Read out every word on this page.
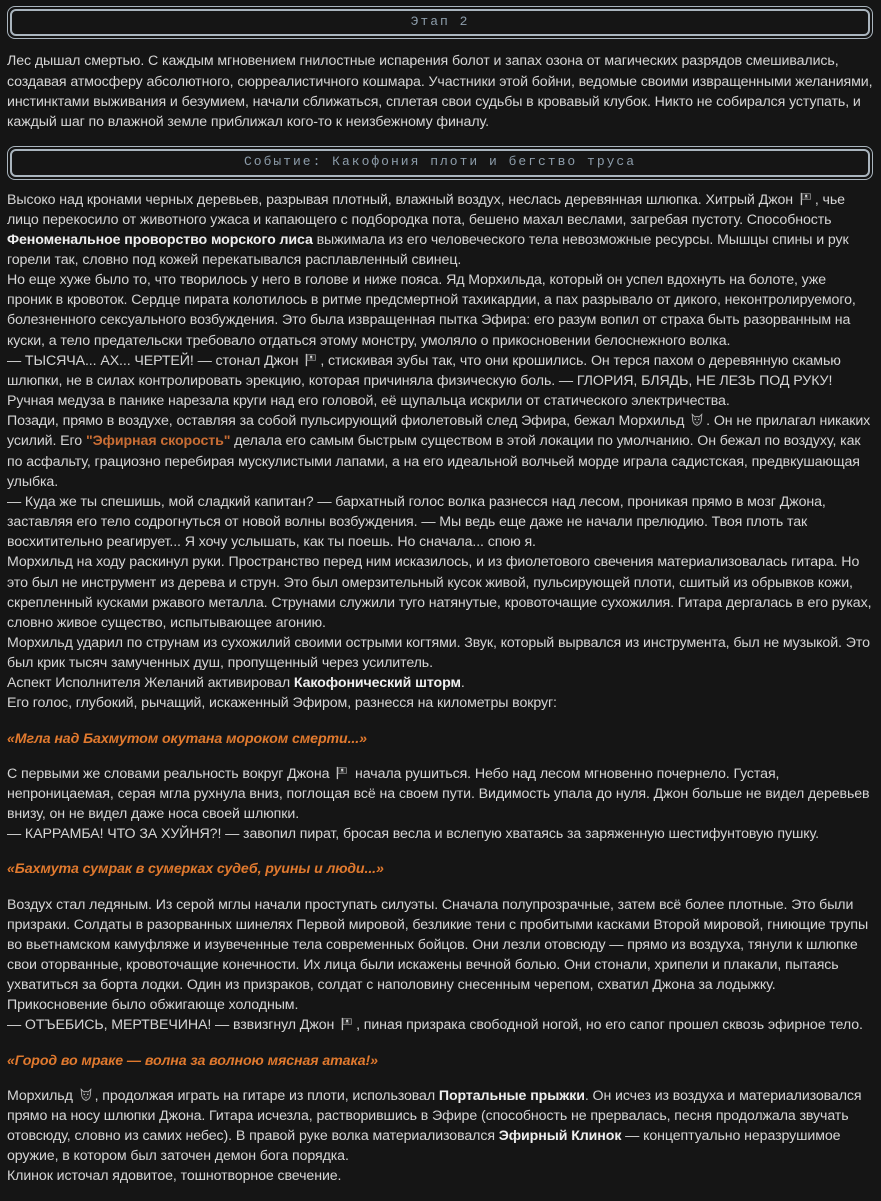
Этап 2

Лес дышал смертью. С каждым мгновением гнилостные испарения болот и запах озона от магических разрядов смешивались, создавая атмосферу абсолютного, сюрреалистичного кошмара. Участники этой бойни, ведомые своими извращенными желаниями, инстинктами выживания и безумием, начали сближаться, сплетая свои судьбы в кровавый клубок. Никто не собирался уступать, и каждый шаг по влажной земле приближал кого-то к неизбежному финалу.

Событие: Какофония плоти и бегство труса
Высоко над кронами черных деревьев, разрывая плотный, влажный воздух, неслась деревянная шлюпка. Хитрый Джон
, чье лицо перекосило от животного ужаса и капающего с подбородка пота, бешено махал веслами, загребая пустоту. Способность Феноменальное проворство морского лиса выжимала из его человеческого тела невозможные ресурсы. Мышцы спины и рук горели так, словно под кожей перекатывался расплавленный свинец.
Но еще хуже было то, что творилось у него в голове и ниже пояса. Яд Морхильда, который он успел вдохнуть на болоте, уже проник в кровоток. Сердце пирата колотилось в ритме предсмертной тахикардии, а пах разрывало от дикого, неконтролируемого, болезненного сексуального возбуждения. Это была извращенная пытка Эфира: его разум вопил от страха быть разорванным на куски, а тело предательски требовало отдаться этому монстру, умоляло о прикосновении белоснежного волка.
— ТЫСЯЧА... АХ... ЧЕРТЕЙ! — стонал Джон
, стискивая зубы так, что они крошились. Он терся пахом о деревянную скамью шлюпки, не в силах контролировать эрекцию, которая причиняла физическую боль. — ГЛОРИЯ, БЛЯДЬ, НЕ ЛЕЗЬ ПОД РУКУ!
Ручная медуза в панике нарезала круги над его головой, её щупальца искрили от статического электричества.
Позади, прямо в воздухе, оставляя за собой пульсирующий фиолетовый след Эфира, бежал Морхильд
. Он не прилагал никаких усилий. Его "Эфирная скорость" делала его самым быстрым существом в этой локации по умолчанию. Он бежал по воздуху, как по асфальту, грациозно перебирая мускулистыми лапами, а на его идеальной волчьей морде играла садистская, предвкушающая улыбка.
— Куда же ты спешишь, мой сладкий капитан? — бархатный голос волка разнесся над лесом, проникая прямо в мозг Джона, заставляя его тело содрогнуться от новой волны возбуждения. — Мы ведь еще даже не начали прелюдию. Твоя плоть так восхитительно реагирует... Я хочу услышать, как ты поешь. Но сначала... спою я.
Морхильд на ходу раскинул руки. Пространство перед ним исказилось, и из фиолетового свечения материализовалась гитара. Но это был не инструмент из дерева и струн. Это был омерзительный кусок живой, пульсирующей плоти, сшитый из обрывков кожи, скрепленный кусками ржавого металла. Струнами служили туго натянутые, кровоточащие сухожилия. Гитара дергалась в его руках, словно живое существо, испытывающее агонию.
Морхильд ударил по струнам из сухожилий своими острыми когтями. Звук, который вырвался из инструмента, был не музыкой. Это был крик тысяч замученных душ, пропущенный через усилитель.
Аспект Исполнителя Желаний активировал Какофонический шторм.
Его голос, глубокий, рычащий, искаженный Эфиром, разнесся на километры вокруг:

«Мгла над Бахмутом окутана мороком смерти...»

С первыми же словами реальность вокруг Джона
начала рушиться. Небо над лесом мгновенно почернело. Густая, непроницаемая, серая мгла рухнула вниз, поглощая всё на своем пути. Видимость упала до нуля. Джон больше не видел деревьев внизу, он не видел даже носа своей шлюпки.
— КАРРАМБА! ЧТО ЗА ХУЙНЯ?! — завопил пират, бросая весла и вслепую хватаясь за заряженную шестифунтовую пушку.

«Бахмута сумрак в сумерках судеб, руины и люди...»

Воздух стал ледяным. Из серой мглы начали проступать силуэты. Сначала полупрозрачные, затем всё более плотные. Это были призраки. Солдаты в разорванных шинелях Первой мировой, безликие тени с пробитыми касками Второй мировой, гниющие трупы во вьетнамском камуфляже и изувеченные тела современных бойцов. Они лезли отовсюду — прямо из воздуха, тянули к шлюпке свои оторванные, кровоточащие конечности. Их лица были искажены вечной болью. Они стонали, хрипели и плакали, пытаясь ухватиться за борта лодки. Один из призраков, солдат с наполовину снесенным черепом, схватил Джона за лодыжку. Прикосновение было обжигающе холодным.
— ОТЪЕБИСЬ, МЕРТВЕЧИНА! — взвизгнул Джон
, пиная призрака свободной ногой, но его сапог прошел сквозь эфирное тело.

«Город во мраке — волна за волною мясная атака!»

Морхильд
, продолжая играть на гитаре из плоти, использовал Портальные прыжки. Он исчез из воздуха и материализовался прямо на носу шлюпки Джона. Гитара исчезла, растворившись в Эфире (способность не прервалась, песня продолжала звучать отовсюду, словно из самих небес). В правой руке волка материализовался Эфирный Клинок — концептуально неразрушимое оружие, в котором был заточен демон бога порядка.
Клинок источал ядовитое, тошнотворное свечение.
